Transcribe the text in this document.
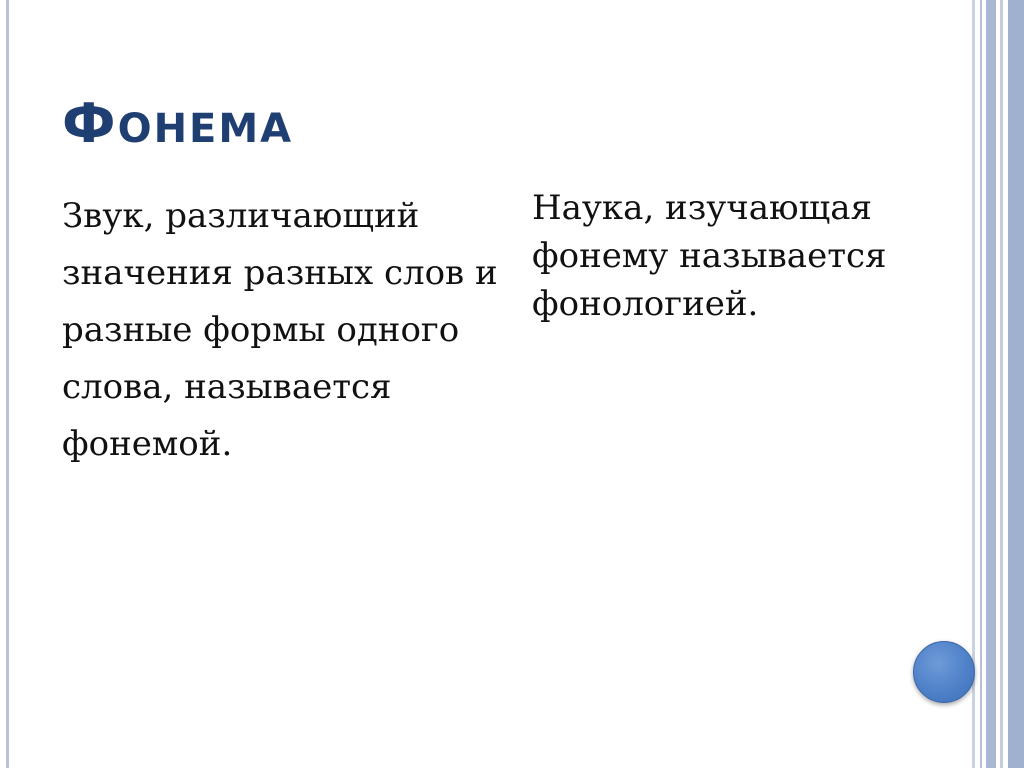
ФОНЕМА
Звук, различающий значения разных слов и разные формы одного слова, называется фонемой.
Наука, изучающая фонему называется фонологией.
